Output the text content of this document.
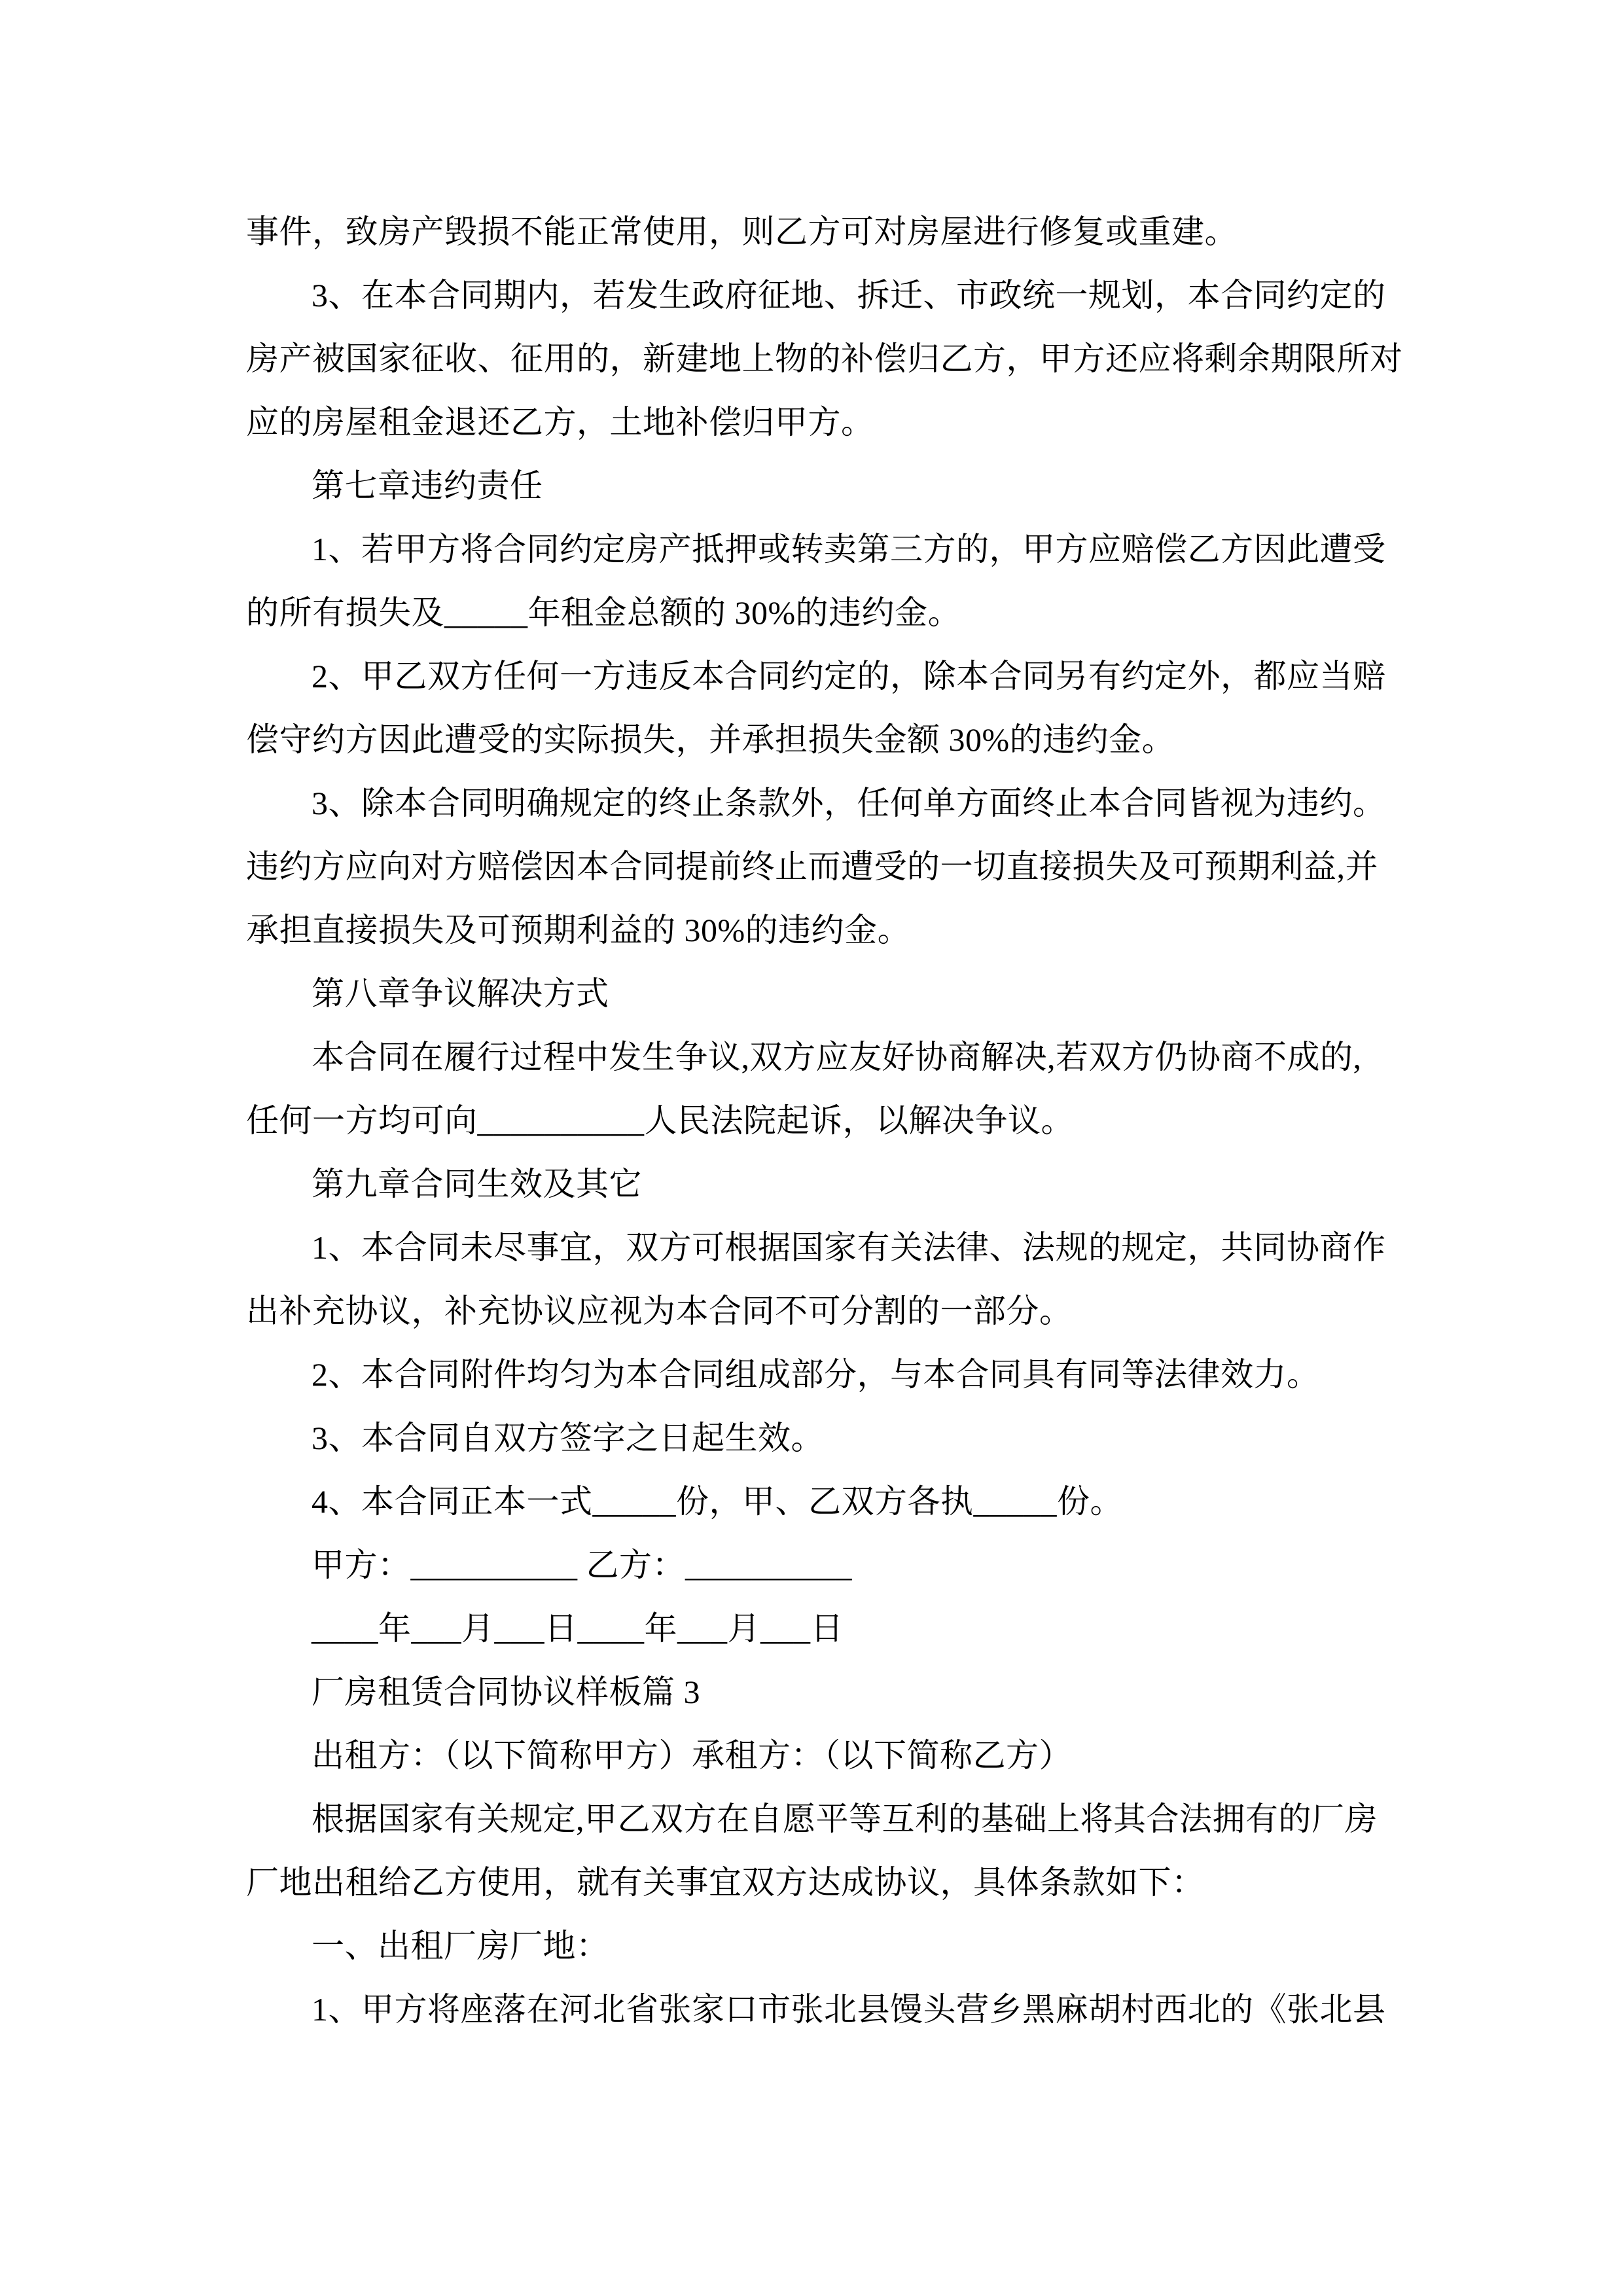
事件，致房产毁损不能正常使用，则乙方可对房屋进行修复或重建。

3、在本合同期内，若发生政府征地、拆迁、市政统一规划，本合同约定的

房产被国家征收、征用的，新建地上物的补偿归乙方，甲方还应将剩余期限所对

应的房屋租金退还乙方，土地补偿归甲方。

第七章违约责任

1、若甲方将合同约定房产抵押或转卖第三方的，甲方应赔偿乙方因此遭受

的所有损失及_____年租金总额的 30%的违约金。

2、甲乙双方任何一方违反本合同约定的，除本合同另有约定外，都应当赔

偿守约方因此遭受的实际损失，并承担损失金额 30%的违约金。

3、除本合同明确规定的终止条款外，任何单方面终止本合同皆视为违约。

违约方应向对方赔偿因本合同提前终止而遭受的一切直接损失及可预期利益,并

承担直接损失及可预期利益的 30%的违约金。

第八章争议解决方式

本合同在履行过程中发生争议,双方应友好协商解决,若双方仍协商不成的,

任何一方均可向__________人民法院起诉，以解决争议。

第九章合同生效及其它

1、本合同未尽事宜，双方可根据国家有关法律、法规的规定，共同协商作

出补充协议，补充协议应视为本合同不可分割的一部分。

2、本合同附件均匀为本合同组成部分，与本合同具有同等法律效力。

3、本合同自双方签字之日起生效。

4、本合同正本一式_____份，甲、乙双方各执_____份。

甲方：__________ 乙方：__________

____年___月___日____年___月___日

厂房租赁合同协议样板篇 3

出租方：（以下简称甲方）承租方：（以下简称乙方）

根据国家有关规定,甲乙双方在自愿平等互利的基础上将其合法拥有的厂房

厂地出租给乙方使用，就有关事宜双方达成协议，具体条款如下：

一、出租厂房厂地：

1、甲方将座落在河北省张家口市张北县馒头营乡黑麻胡村西北的《张北县
